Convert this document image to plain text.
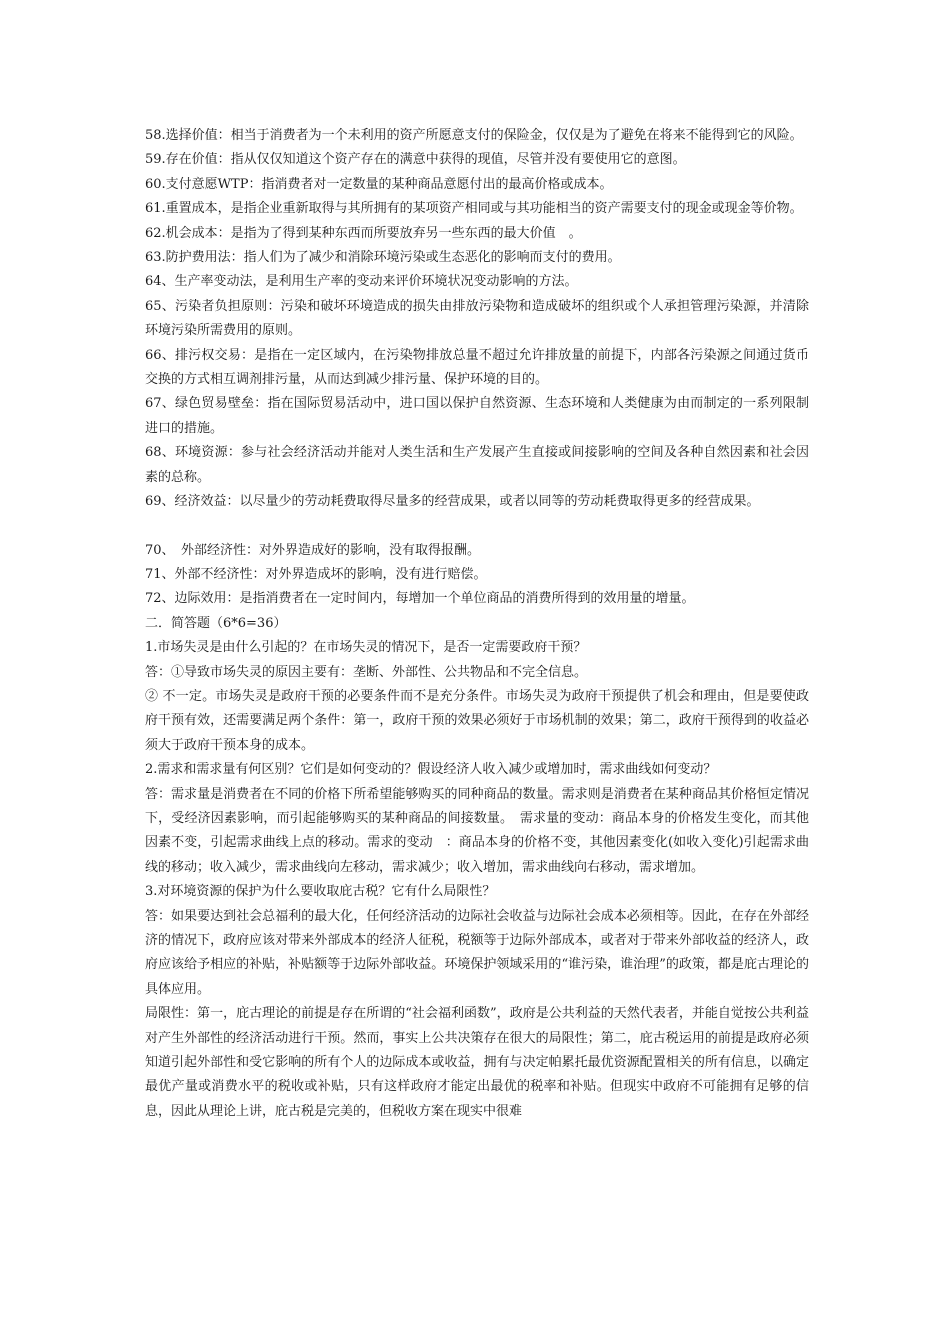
58.选择价值：相当于消费者为一个未利用的资产所愿意支付的保险金，仅仅是为了避免在将来不能得到它的风险。

59.存在价值：指从仅仅知道这个资产存在的满意中获得的现值，尽管并没有要使用它的意图。

60.支付意愿WTP：指消费者对一定数量的某种商品意愿付出的最高价格或成本。

61.重置成本，是指企业重新取得与其所拥有的某项资产相同或与其功能相当的资产需要支付的现金或现金等价物。

62.机会成本：是指为了得到某种东西而所要放弃另一些东西的最大价值　。

63.防护费用法：指人们为了减少和消除环境污染或生态恶化的影响而支付的费用。

64、生产率变动法，是利用生产率的变动来评价环境状况变动影响的方法。

65、污染者负担原则：污染和破坏环境造成的损失由排放污染物和造成破坏的组织或个人承担管理污染源，并清除环境污染所需费用的原则。

66、排污权交易：是指在一定区域内，在污染物排放总量不超过允许排放量的前提下，内部各污染源之间通过货币交换的方式相互调剂排污量，从而达到减少排污量、保护环境的目的。

67、绿色贸易壁垒：指在国际贸易活动中，进口国以保护自然资源、生态环境和人类健康为由而制定的一系列限制进口的措施。

68、环境资源：参与社会经济活动并能对人类生活和生产发展产生直接或间接影响的空间及各种自然因素和社会因素的总称。

69、经济效益：以尽量少的劳动耗费取得尽量多的经营成果，或者以同等的劳动耗费取得更多的经营成果。

70、　外部经济性：对外界造成好的影响，没有取得报酬。

71、外部不经济性：对外界造成坏的影响，没有进行赔偿。

72、边际效用：是指消费者在一定时间内，每增加一个单位商品的消费所得到的效用量的增量。

二．简答题（6*6=36）

1.市场失灵是由什么引起的？在市场失灵的情况下，是否一定需要政府干预？

答：①导致市场失灵的原因主要有：垄断、外部性、公共物品和不完全信息。

② 不一定。市场失灵是政府干预的必要条件而不是充分条件。市场失灵为政府干预提供了机会和理由，但是要使政府干预有效，还需要满足两个条件：第一，政府干预的效果必须好于市场机制的效果；第二，政府干预得到的收益必须大于政府干预本身的成本。

2.需求和需求量有何区别？它们是如何变动的？假设经济人收入减少或增加时，需求曲线如何变动？

答：需求量是消费者在不同的价格下所希望能够购买的同种商品的数量。需求则是消费者在某种商品其价格恒定情况下，受经济因素影响，而引起能够购买的某种商品的间接数量。　需求量的变动：商品本身的价格发生变化，而其他因素不变，引起需求曲线上点的移动。需求的变动　：商品本身的价格不变，其他因素变化(如收入变化)引起需求曲线的移动；收入减少，需求曲线向左移动，需求减少；收入增加，需求曲线向右移动，需求增加。

3.对环境资源的保护为什么要收取庇古税？它有什么局限性？

答：如果要达到社会总福利的最大化，任何经济活动的边际社会收益与边际社会成本必须相等。因此，在存在外部经济的情况下，政府应该对带来外部成本的经济人征税，税额等于边际外部成本，或者对于带来外部收益的经济人，政府应该给予相应的补贴，补贴额等于边际外部收益。环境保护领域采用的“谁污染，谁治理”的政策，都是庇古理论的具体应用。

局限性：第一，庇古理论的前提是存在所谓的“社会福利函数”，政府是公共利益的天然代表者，并能自觉按公共利益对产生外部性的经济活动进行干预。然而，事实上公共决策存在很大的局限性；第二，庇古税运用的前提是政府必须知道引起外部性和受它影响的所有个人的边际成本或收益，拥有与决定帕累托最优资源配置相关的所有信息，以确定最优产量或消费水平的税收或补贴，只有这样政府才能定出最优的税率和补贴。但现实中政府不可能拥有足够的信息，因此从理论上讲，庇古税是完美的，但税收方案在现实中很难
